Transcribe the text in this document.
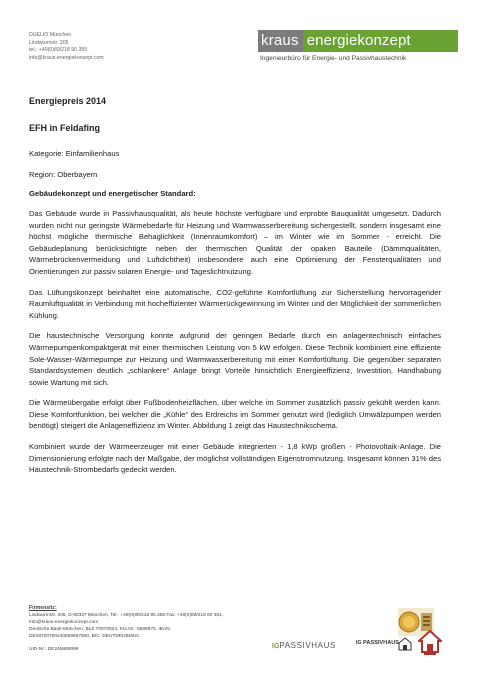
DUELIO München
Lindwurmstr. 205
tel.: +49(0)89/218 90 355
info@kraus-energiekonzept.com
kraus energiekonzept
Ingenieurbüro für Energie- und Passivhaustechnik

Energiepreis 2014

EFH in Feldafing

Kategorie: Einfamilienhaus

Region: Oberbayern

Gebäudekonzept und energetischer Standard:

Das Gebäude wurde in Passivhausqualität, als heute höchste verfügbare und erprobte Bauqualität umgesetzt. Dadurch wurden nicht nur geringste Wärmebedarfe für Heizung und Warmwasserbereitung sichergestellt, sondern insgesamt eine höchst mögliche thermische Behaglichkeit (Innenraumkomfort) – im Winter wie im Sommer - erreicht. Die Gebäudeplanung berücksichtigte neben der thermischen Qualität der opaken Bauteile (Dämmqualitäten, Wärmebrückenvermeidung und Luftdichtheit) insbesondere auch eine Optimierung der Fensterqualitäten und Orientierungen zur passiv solaren Energie- und Tageslichtnutzung.

Das Lüftungskonzept beinhaltet eine automatische, CO2-geführte Komfortlüftung zur Sicherstellung hervorragender Raumluftqualität in Verbindung mit hocheffizienter Wärmerückgewinnung im Winter und der Möglichkeit der sommerlichen Kühlung.

Die haustechnische Versorgung konnte aufgrund der geringen Bedarfe durch ein anlagentechnisch einfaches Wärmepumpenkompaktgerät mit einer thermischen Leistung von 5 kW erfolgen. Diese Technik kombiniert eine effiziente Sole-Wasser-Wärmepumpe zur Heizung und Warmwasserbereitung mit einer Komfortlüftung. Die gegenüber separaten Standardsystemen deutlich „schlankere“ Anlage bringt Vorteile hinsichtlich Energieeffizienz, Investition, Handhabung sowie Wartung mit sich.

Die Wärmeübergabe erfolgt über Fußbodenheizflächen, über welche im Sommer zusätzlich passiv gekühlt werden kann. Diese Komfortfunktion, bei welcher die „Kühle“ des Erdreichs im Sommer genutzt wird (lediglich Umwälzpumpen werden benötigt) steigert die Anlageneffizienz im Winter. Abbildung 1 zeigt das Haustechnikschema.

Kombiniert wurde der Wärmeerzeuger mit einer Gebäude integrierten - 1,8 kWp großen - Photovoltaik-Anlage. Die Dimensionierung erfolgte nach der Maßgabe, der möglichst vollständigen Eigenstromnutzung. Insgesamt können 31% des Haustechnik-Strombedarfs gedeckt werden.

Firmensitz:
Lindwurmstr. 205, D-80337 München, Tel.: +49(0)89/218 90 355 Fax: +49(0)89/218 90 351,
info@kraus-energiekonzept.com
Deutsche Bank-München, BLZ 70070024, Kto.Nr.: 5588975, IBAN:
DE49700700240558897500, BIC: DEUTDEDBMUC
UID-Nr.: DE245889999	IGPASSIVHAUS	IG PASSIVHAUS
